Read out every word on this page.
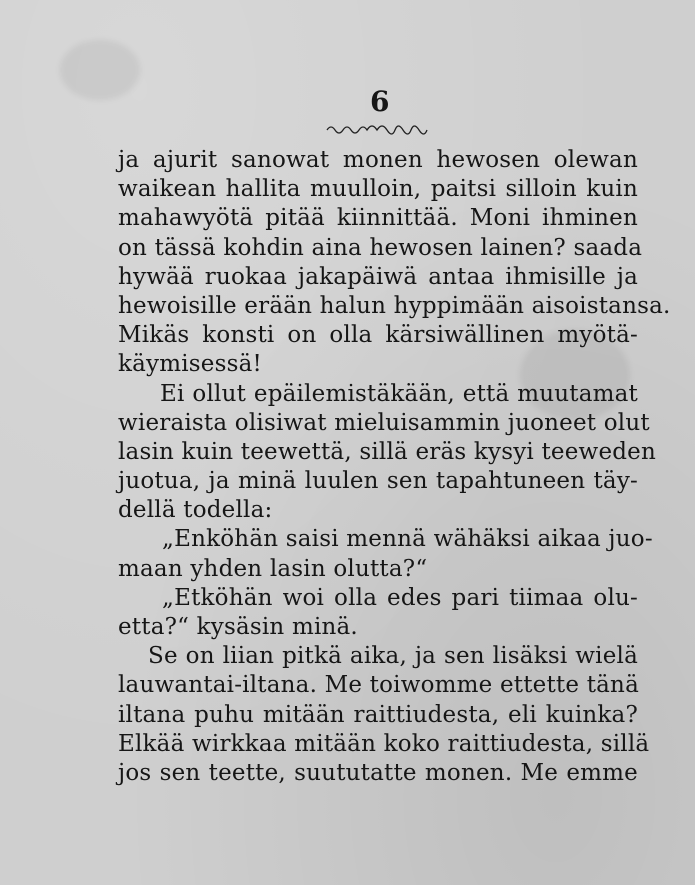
6
ja ajurit sanowat monen hewosen olewan
waikean hallita muulloin, paitsi silloin kuin
mahawyötä pitää kiinnittää. Moni ihminen
on tässä kohdin aina hewosen lainen? saada
hywää ruokaa jakapäiwä antaa ihmisille ja
hewoisille erään halun hyppimään aisoistansa.
Mikäs konsti on olla kärsiwällinen myötä-
käymisessä!
Ei ollut epäilemistäkään, että muutamat
wieraista olisiwat mieluisammin juoneet olut
lasin kuin teewettä, sillä eräs kysyi teeweden
juotua, ja minä luulen sen tapahtuneen täy-
dellä todella:
„Enköhän saisi mennä wähäksi aikaa juo-
maan yhden lasin olutta?“
„Etköhän woi olla edes pari tiimaa olu-
etta?“ kysäsin minä.
Se on liian pitkä aika, ja sen lisäksi wielä
lauwantai-iltana. Me toiwomme ettette tänä
iltana puhu mitään raittiudesta, eli kuinka?
Elkää wirkkaa mitään koko raittiudesta, sillä
jos sen teette, suututatte monen. Me emme
